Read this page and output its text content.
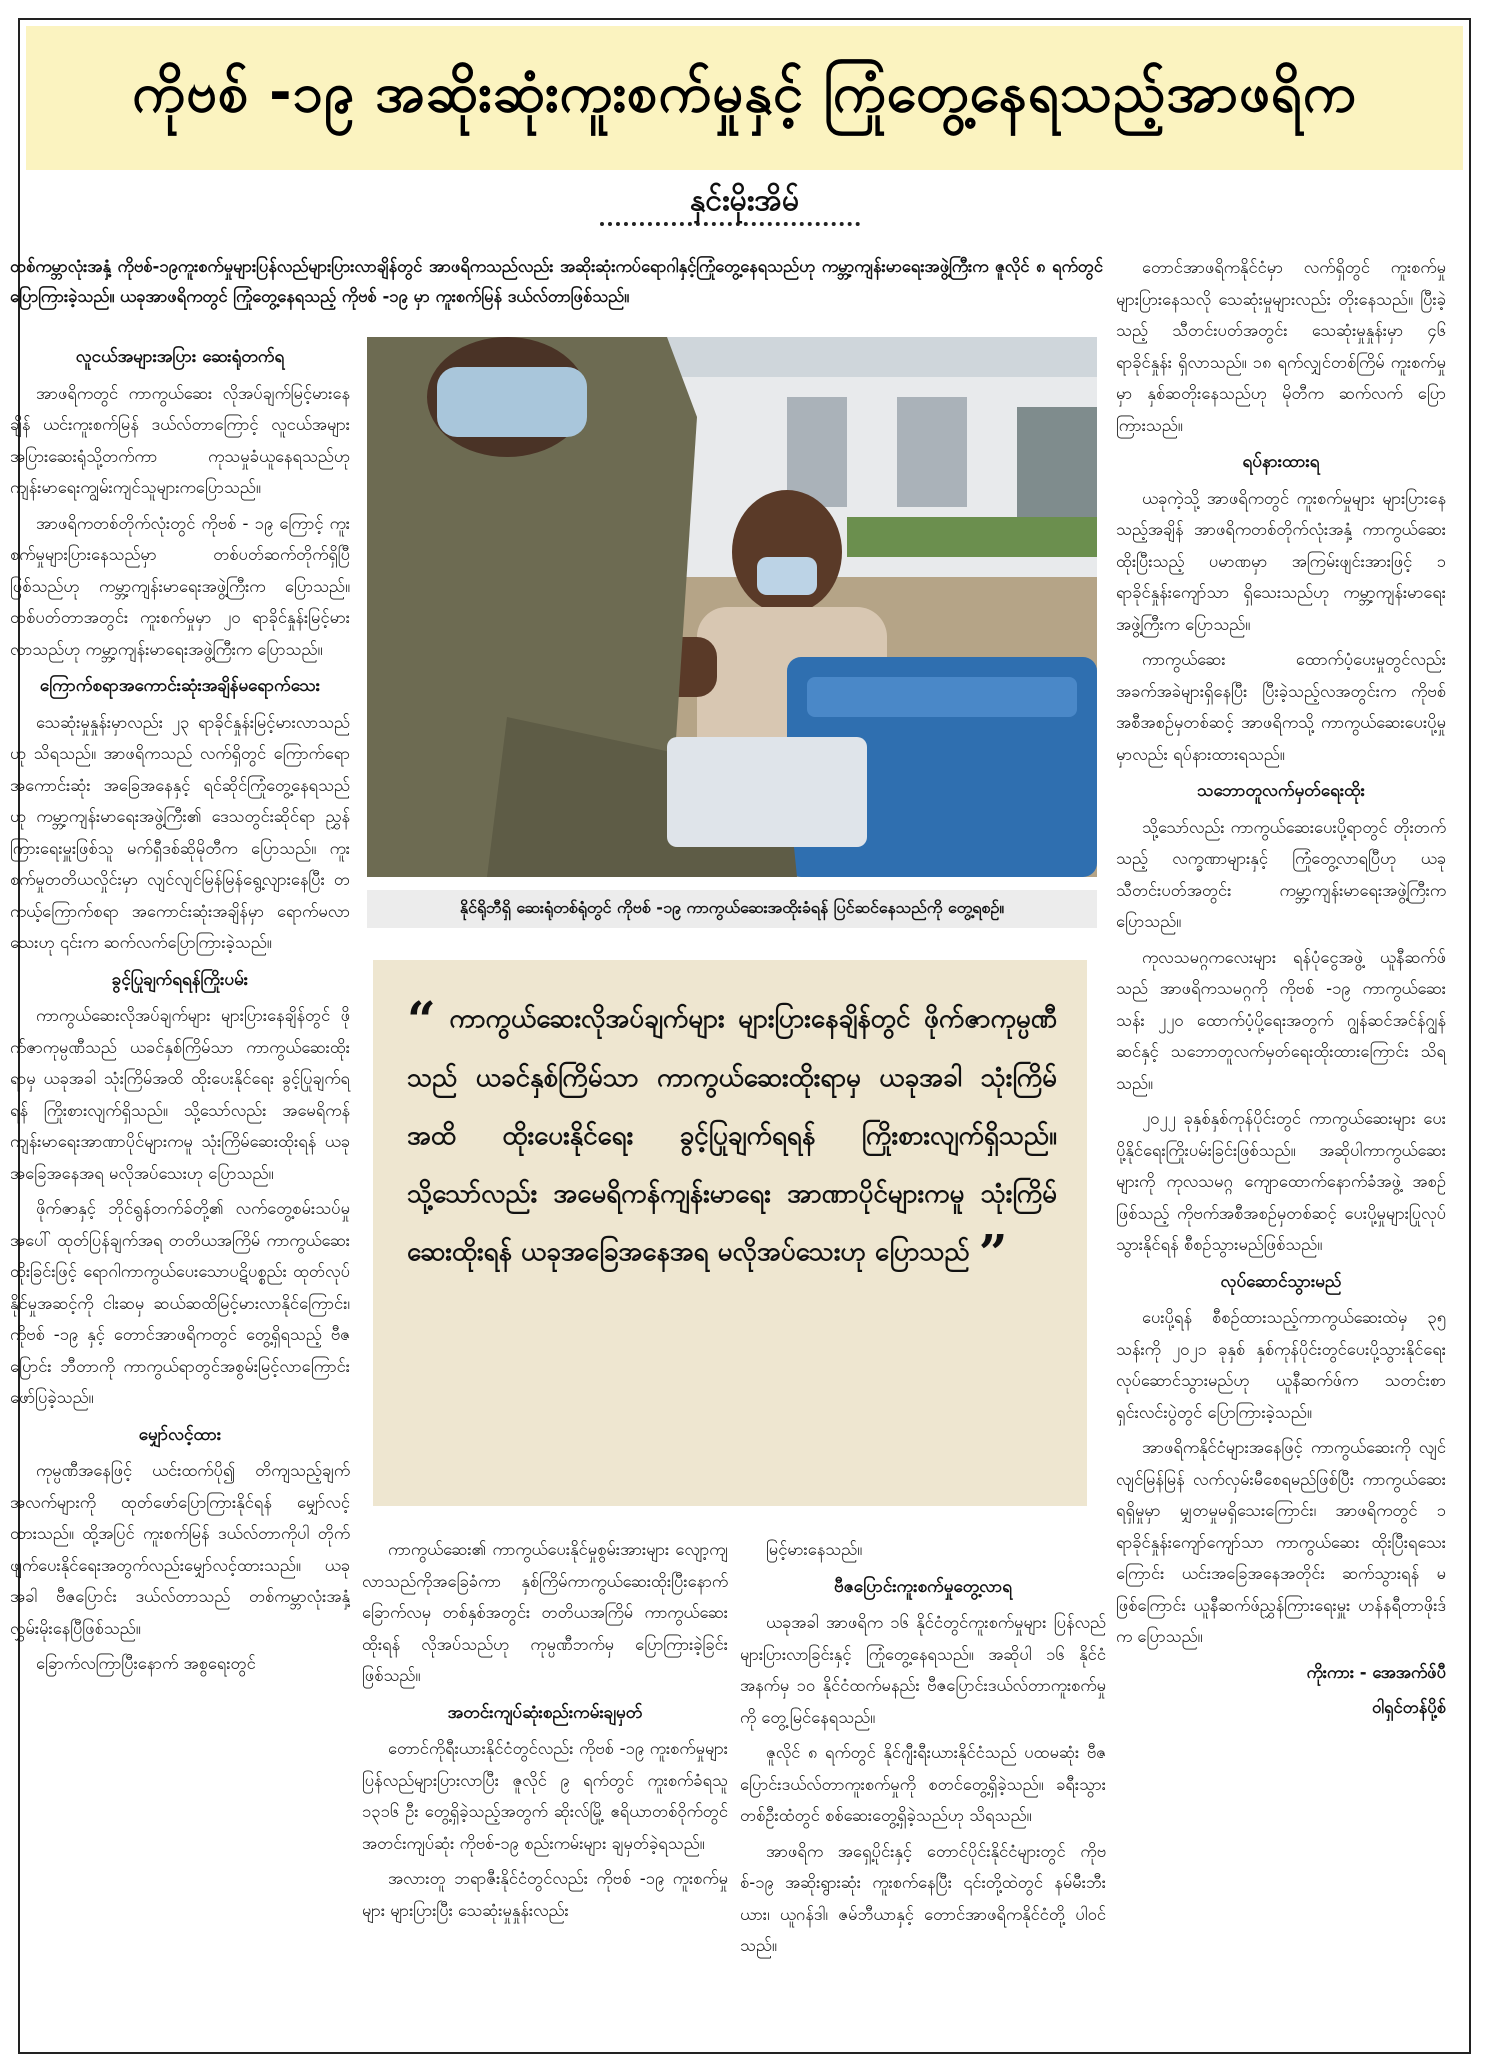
ကိုဗစ် -၁၉ အဆိုးဆုံးကူးစက်မှုနှင့် ကြုံတွေ့နေရသည့်အာဖရိက
နှင်းမိုးအိမ်
တစ်ကမ္ဘာလုံးအနှံ့ ကိုဗစ်-၁၉ကူးစက်မှုများပြန်လည်များပြားလာချိန်တွင် အာဖရိကသည်လည်း အဆိုးဆုံးကပ်ရောဂါနှင့်ကြုံတွေ့နေရသည်ဟု ကမ္ဘာ့ကျန်းမာရေးအဖွဲ့ကြီးက ဇူလိုင် ၈ ရက်တွင် ပြောကြားခဲ့သည်။ ယခုအာဖရိကတွင် ကြုံတွေ့နေရသည့် ကိုဗစ် -၁၉ မှာ ကူးစက်မြန် ဒယ်လ်တာဖြစ်သည်။
လူငယ်အများအပြား ဆေးရုံတက်ရ

အာဖရိကတွင် ကာကွယ်ဆေး လိုအပ်ချက်မြင့်မားနေချိန် ယင်းကူးစက်မြန် ဒယ်လ်တာကြောင့် လူငယ်အများအပြားဆေးရုံသို့တက်ကာ ကုသမှုခံယူနေရသည်ဟု ကျန်းမာရေးကျွမ်းကျင်သူများကပြောသည်။

အာဖရိကတစ်တိုက်လုံးတွင် ကိုဗစ် - ၁၉ ကြောင့် ကူးစက်မှုများပြားနေသည်မှာ တစ်ပတ်ဆက်တိုက်ရှိပြီဖြစ်သည်ဟု ကမ္ဘာ့ကျန်းမာရေးအဖွဲ့ကြီးက ပြောသည်။ တစ်ပတ်တာအတွင်း ကူးစက်မှုမှာ ၂၀ ရာခိုင်နှုန်းမြင့်မားလာသည်ဟု ကမ္ဘာ့ကျန်းမာရေးအဖွဲ့ကြီးက ပြောသည်။

ကြောက်စရာအကောင်းဆုံးအချိန်မရောက်သေး

သေဆုံးမှုနှုန်းမှာလည်း ၂၃ ရာခိုင်နှုန်းမြင့်မားလာသည်ဟု သိရသည်။ အာဖရိကသည် လက်ရှိတွင် ကြောက်ရောအကောင်းဆုံး အခြေအနေနှင့် ရင်ဆိုင်ကြုံတွေ့နေရသည်ဟု ကမ္ဘာ့ကျန်းမာရေးအဖွဲ့ကြီး၏ ဒေသတွင်းဆိုင်ရာ ညွှန်ကြားရေးမှူးဖြစ်သူ မက်ရှီဒစ်ဆိုမိုတီက ပြောသည်။ ကူးစက်မှုတတိယလှိုင်းမှာ လျင်လျင်မြန်မြန်ရွေ့လျားနေပြီး တကယ့်ကြောက်စရာ အကောင်းဆုံးအချိန်မှာ ရောက်မလာသေးဟု ၎င်းက ဆက်လက်ပြောကြားခဲ့သည်။

ခွင့်ပြုချက်ရရန်ကြိုးပမ်း

ကာကွယ်ဆေးလိုအပ်ချက်များ များပြားနေချိန်တွင် ဖိုက်ဇာကုမ္ပဏီသည် ယခင်နှစ်ကြိမ်သာ ကာကွယ်ဆေးထိုးရာမှ ယခုအခါ သုံးကြိမ်အထိ ထိုးပေးနိုင်ရေး ခွင့်ပြုချက်ရရန် ကြိုးစားလျက်ရှိသည်။ သို့သော်လည်း အမေရိကန်ကျန်းမာရေးအာဏာပိုင်များကမူ သုံးကြိမ်ဆေးထိုးရန် ယခုအခြေအနေအရ မလိုအပ်သေးဟု ပြောသည်။

ဖိုက်ဇာနှင့် ဘိုင်ရွန်တက်ခ်တို့၏ လက်တွေ့စမ်းသပ်မှုအပေါ် ထုတ်ပြန်ချက်အရ တတိယအကြိမ် ကာကွယ်ဆေးထိုးခြင်းဖြင့် ရောဂါကာကွယ်ပေးသောပဋိပစ္စည်း ထုတ်လုပ်နိုင်မှုအဆင့်ကို ငါးဆမှ ဆယ်ဆထိမြင့်မားလာနိုင်ကြောင်း၊ ကိုဗစ် -၁၉ နှင့် တောင်အာဖရိကတွင် တွေ့ရှိရသည့် ဗီဇပြောင်း ဘီတာကို ကာကွယ်ရာတွင်အစွမ်းမြင့်လာကြောင်း ဖော်ပြခဲ့သည်။

မျှော်လင့်ထား

ကုမ္ပဏီအနေဖြင့် ယင်းထက်ပို၍ တိကျသည့်ချက်အလက်များကို ထုတ်ဖော်ပြောကြားနိုင်ရန် မျှော်လင့်ထားသည်။ ထို့အပြင် ကူးစက်မြန် ဒယ်လ်တာကိုပါ တိုက်ဖျက်ပေးနိုင်ရေးအတွက်လည်းမျှော်လင့်ထားသည်။ ယခုအခါ ဗီဇပြောင်း ဒယ်လ်တာသည် တစ်ကမ္ဘာလုံးအနှံ့ လွှမ်းမိုးနေပြီဖြစ်သည်။

ခြောက်လကြာပြီးနောက် အစွရေးတွင်

နိုင်ရိုဘီရှိ ဆေးရုံတစ်ရုံတွင် ကိုဗစ် -၁၉ ကာကွယ်ဆေးအထိုးခံရန် ပြင်ဆင်နေသည်ကို တွေ့ရစဉ်။
“ ကာကွယ်ဆေးလိုအပ်ချက်များ များပြားနေချိန်တွင် ဖိုက်ဇာကုမ္ပဏီသည် ယခင်နှစ်ကြိမ်သာ ကာကွယ်ဆေးထိုးရာမှ ယခုအခါ သုံးကြိမ်အထိ ထိုးပေးနိုင်ရေး ခွင့်ပြုချက်ရရန် ကြိုးစားလျက်ရှိသည်။ သို့သော်လည်း အမေရိကန်ကျန်းမာရေး အာဏာပိုင်များကမူ သုံးကြိမ်ဆေးထိုးရန် ယခုအခြေအနေအရ မလိုအပ်သေးဟု ပြောသည် ”

ကာကွယ်ဆေး၏ ကာကွယ်ပေးနိုင်မှုစွမ်းအားများ လျော့ကျလာသည်ကိုအခြေခံကာ နှစ်ကြိမ်ကာကွယ်ဆေးထိုးပြီးနောက် ခြောက်လမှ တစ်နှစ်အတွင်း တတိယအကြိမ် ကာကွယ်ဆေးထိုးရန် လိုအပ်သည်ဟု ကုမ္ပဏီဘက်မှ ပြောကြားခဲ့ခြင်းဖြစ်သည်။

အတင်းကျပ်ဆုံးစည်းကမ်းချမှတ်

တောင်ကိုရီးယားနိုင်ငံတွင်လည်း ကိုဗစ် -၁၉ ကူးစက်မှုများ ပြန်လည်များပြားလာပြီး ဇူလိုင် ၉ ရက်တွင် ကူးစက်ခံရသူ ၁၃၁၆ ဦး တွေ့ရှိခဲ့သည့်အတွက် ဆိုးလ်မြို့ ဧရိယာတစ်ဝိုက်တွင် အတင်းကျပ်ဆုံး ကိုဗစ်-၁၉ စည်းကမ်းများ ချမှတ်ခဲ့ရသည်။

အလားတူ ဘရာဇီးနိုင်ငံတွင်လည်း ကိုဗစ် -၁၉ ကူးစက်မှုများ များပြားပြီး သေဆုံးမှုနှုန်းလည်း

မြင့်မားနေသည်။

ဗီဇပြောင်းကူးစက်မှုတွေ့လာရ

ယခုအခါ အာဖရိက ၁၆ နိုင်ငံတွင်ကူးစက်မှုများ ပြန်လည်များပြားလာခြင်းနှင့် ကြုံတွေ့နေရသည်။ အဆိုပါ ၁၆ နိုင်ငံအနက်မှ ၁၀ နိုင်ငံထက်မနည်း ဗီဇပြောင်းဒယ်လ်တာကူးစက်မှုကို တွေ့မြင်နေရသည်။

ဇူလိုင် ၈ ရက်တွင် နိုင်ဂျီးရီးယားနိုင်ငံသည် ပထမဆုံး ဗီဇပြောင်းဒယ်လ်တာကူးစက်မှုကို စတင်တွေ့ရှိခဲ့သည်။ ခရီးသွားတစ်ဦးထံတွင် စစ်ဆေးတွေ့ရှိခဲ့သည်ဟု သိရသည်။

အာဖရိက အရှေ့ပိုင်းနှင့် တောင်ပိုင်းနိုင်ငံများတွင် ကိုဗစ်-၁၉ အဆိုးရွားဆုံး ကူးစက်နေပြီး ၎င်းတို့ထဲတွင် နမ်မီးဘီးယား၊ ယူဂန်ဒါ၊ ဇမ်ဘီယာနှင့် တောင်အာဖရိကနိုင်ငံတို့ ပါဝင်သည်။

တောင်အာဖရိကနိုင်ငံမှာ လက်ရှိတွင် ကူးစက်မှု များပြားနေသလို သေဆုံးမှုများလည်း တိုးနေသည်။ ပြီးခဲ့သည့် သီတင်းပတ်အတွင်း သေဆုံးမှုနှုန်းမှာ ၄၆ ရာခိုင်နှုန်း ရှိလာသည်။ ၁၈ ရက်လျှင်တစ်ကြိမ် ကူးစက်မှုမှာ နှစ်ဆတိုးနေသည်ဟု မိုတီက ဆက်လက် ပြောကြားသည်။

ရပ်နားထားရ

ယခုကဲ့သို့ အာဖရိကတွင် ကူးစက်မှုများ များပြားနေသည့်အချိန် အာဖရိကတစ်တိုက်လုံးအနှံ့ ကာကွယ်ဆေးထိုးပြီးသည့် ပမာဏမှာ အကြမ်းဖျင်းအားဖြင့် ၁ ရာခိုင်နှုန်းကျော်သာ ရှိသေးသည်ဟု ကမ္ဘာ့ကျန်းမာရေးအဖွဲ့ကြီးက ပြောသည်။

ကာကွယ်ဆေး ထောက်ပံ့ပေးမှုတွင်လည်း အခက်အခဲများရှိနေပြီး ပြီးခဲ့သည့်လအတွင်းက ကိုဗစ်အစီအစဉ်မှတစ်ဆင့် အာဖရိကသို့ ကာကွယ်ဆေးပေးပို့မှုမှာလည်း ရပ်နားထားရသည်။

သဘောတူလက်မှတ်ရေးထိုး

သို့သော်လည်း ကာကွယ်ဆေးပေးပို့ရာတွင် တိုးတက်သည့် လက္ခဏာများနှင့် ကြုံတွေ့လာရပြီဟု ယခုသီတင်းပတ်အတွင်း ကမ္ဘာ့ကျန်းမာရေးအဖွဲ့ကြီးက ပြောသည်။

ကုလသမဂ္ဂကလေးများ ရန်ပုံငွေအဖွဲ့ ယူနီဆက်ဖ်သည် အာဖရိကသမဂ္ဂကို ကိုဗစ် -၁၉ ကာကွယ်ဆေး သန်း ၂၂၀ ထောက်ပံ့ပို့ရေးအတွက် ဂျွန်ဆင်အင်န်ဂျွန်ဆင်နှင့် သဘောတူလက်မှတ်ရေးထိုးထားကြောင်း သိရသည်။

၂၀၂၂ ခုနှစ်နှစ်ကုန်ပိုင်းတွင် ကာကွယ်ဆေးများ ပေးပို့နိုင်ရေးကြိုးပမ်းခြင်းဖြစ်သည်။ အဆိုပါကာကွယ်ဆေးများကို ကုလသမဂ္ဂ ကျောထောက်နောက်ခံအဖွဲ့ အစဉ်ဖြစ်သည့် ကိုဗက်အစီအစဉ်မှတစ်ဆင့် ပေးပို့မှုများပြုလုပ်သွားနိုင်ရန် စီစဉ်သွားမည်ဖြစ်သည်။

လုပ်ဆောင်သွားမည်

ပေးပို့ရန် စီစဉ်ထားသည့်ကာကွယ်ဆေးထဲမှ ၃၅ သန်းကို ၂၀၂၁ ခုနှစ် နှစ်ကုန်ပိုင်းတွင်ပေးပို့သွားနိုင်ရေး လုပ်ဆောင်သွားမည်ဟု ယူနီဆက်ဖ်က သတင်းစာရှင်းလင်းပွဲတွင် ပြောကြားခဲ့သည်။

အာဖရိကနိုင်ငံများအနေဖြင့် ကာကွယ်ဆေးကို လျင်လျင်မြန်မြန် လက်လှမ်းမီစေရမည်ဖြစ်ပြီး ကာကွယ်ဆေးရရှိမှုမှာ မျှတမှုမရှိသေးကြောင်း၊ အာဖရိကတွင် ၁ ရာခိုင်နှုန်းကျော်ကျော်သာ ကာကွယ်ဆေး ထိုးပြီးရသေးကြောင်း ယင်းအခြေအနေအတိုင်း ဆက်သွားရန် မဖြစ်ကြောင်း ယူနီဆက်ဖ်ညွှန်ကြားရေးမှူး ဟန်နရီတာဖိုးဒ်က ပြောသည်။

ကိုးကား - အေအက်ဖ်ပီ

ဝါရှင်တန်ပို့စ်
